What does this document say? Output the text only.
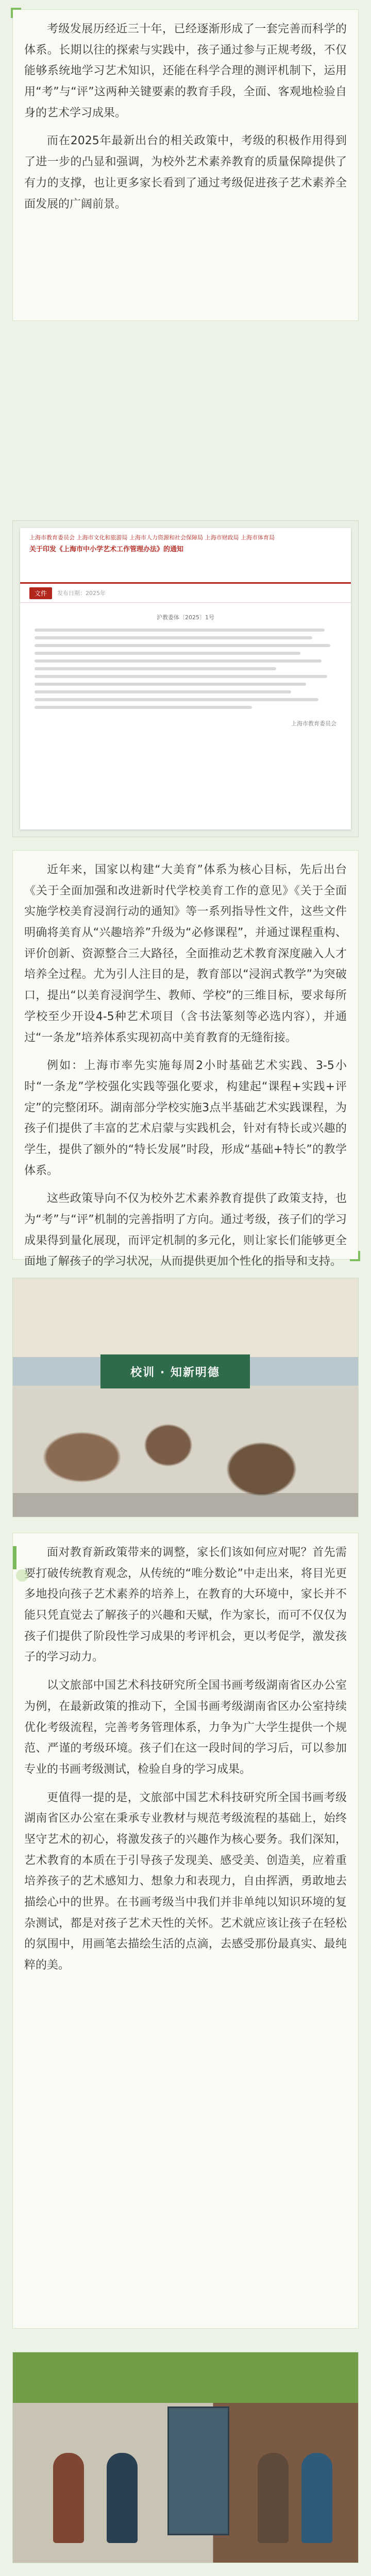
考级发展历经近三十年，已经逐渐形成了一套完善而科学的体系。长期以往的探索与实践中，孩子通过参与正规考级，不仅能够系统地学习艺术知识，还能在科学合理的测评机制下，运用用“考”与“评”这两种关键要素的教育手段，全面、客观地检验自身的艺术学习成果。

而在2025年最新出台的相关政策中，考级的积极作用得到了进一步的凸显和强调，为校外艺术素养教育的质量保障提供了有力的支撑，也让更多家长看到了通过考级促进孩子艺术素养全面发展的广阔前景。

上海市教育委员会 上海市文化和旅游局 上海市人力资源和社会保障局 上海市财政局 上海市体育局
关于印发《上海市中小学艺术工作管理办法》的通知
文件	发布日期：2025年
沪教委体〔2025〕1号
上海市教育委员会

近年来，国家以构建“大美育”体系为核心目标，先后出台《关于全面加强和改进新时代学校美育工作的意见》《关于全面实施学校美育浸润行动的通知》等一系列指导性文件，这些文件明确将美育从“兴趣培养”升级为“必修课程”，并通过课程重构、评价创新、资源整合三大路径，全面推动艺术教育深度融入人才培养全过程。尤为引人注目的是，教育部以“浸润式教学”为突破口，提出“以美育浸润学生、教师、学校”的三维目标，要求每所学校至少开设4-5种艺术项目（含书法篆刻等必选内容），并通过“一条龙”培养体系实现初高中美育教育的无缝衔接。

例如：上海市率先实施每周2小时基础艺术实践、3-5小时“一条龙”学校强化实践等强化要求，构建起“课程+实践+评定”的完整闭环。湖南部分学校实施3点半基础艺术实践课程，为孩子们提供了丰富的艺术启蒙与实践机会，针对有特长或兴趣的学生，提供了额外的“特长发展”时段，形成“基础+特长”的教学体系。

这些政策导向不仅为校外艺术素养教育提供了政策支持，也为“考”与“评”机制的完善指明了方向。通过考级，孩子们的学习成果得到量化展现，而评定机制的多元化，则让家长们能够更全面地了解孩子的学习状况，从而提供更加个性化的指导和支持。

校训 · 知新明德

面对教育新政策带来的调整，家长们该如何应对呢？首先需要打破传统教育观念，从传统的“唯分数论”中走出来，将目光更多地投向孩子艺术素养的培养上，在教育的大环境中，家长并不能只凭直觉去了解孩子的兴趣和天赋，作为家长，而可不仅仅为孩子们提供了阶段性学习成果的考评机会，更以考促学，激发孩子的学习动力。

以文旅部中国艺术科技研究所全国书画考级湖南省区办公室为例，在最新政策的推动下，全国书画考级湖南省区办公室持续优化考级流程，完善考务管理体系，力争为广大学生提供一个规范、严谨的考级环境。孩子们在这一段时间的学习后，可以参加专业的书画考级测试，检验自身的学习成果。

更值得一提的是，文旅部中国艺术科技研究所全国书画考级湖南省区办公室在秉承专业教材与规范考级流程的基础上，始终坚守艺术的初心，将激发孩子的兴趣作为核心要务。我们深知，艺术教育的本质在于引导孩子发现美、感受美、创造美，应着重培养孩子的艺术感知力、想象力和表现力，自由挥洒，勇敢地去描绘心中的世界。在书画考级当中我们并非单纯以知识环境的复杂测试，都是对孩子艺术天性的关怀。艺术就应该让孩子在轻松的氛围中，用画笔去描绘生活的点滴，去感受那份最真实、最纯粹的美。
